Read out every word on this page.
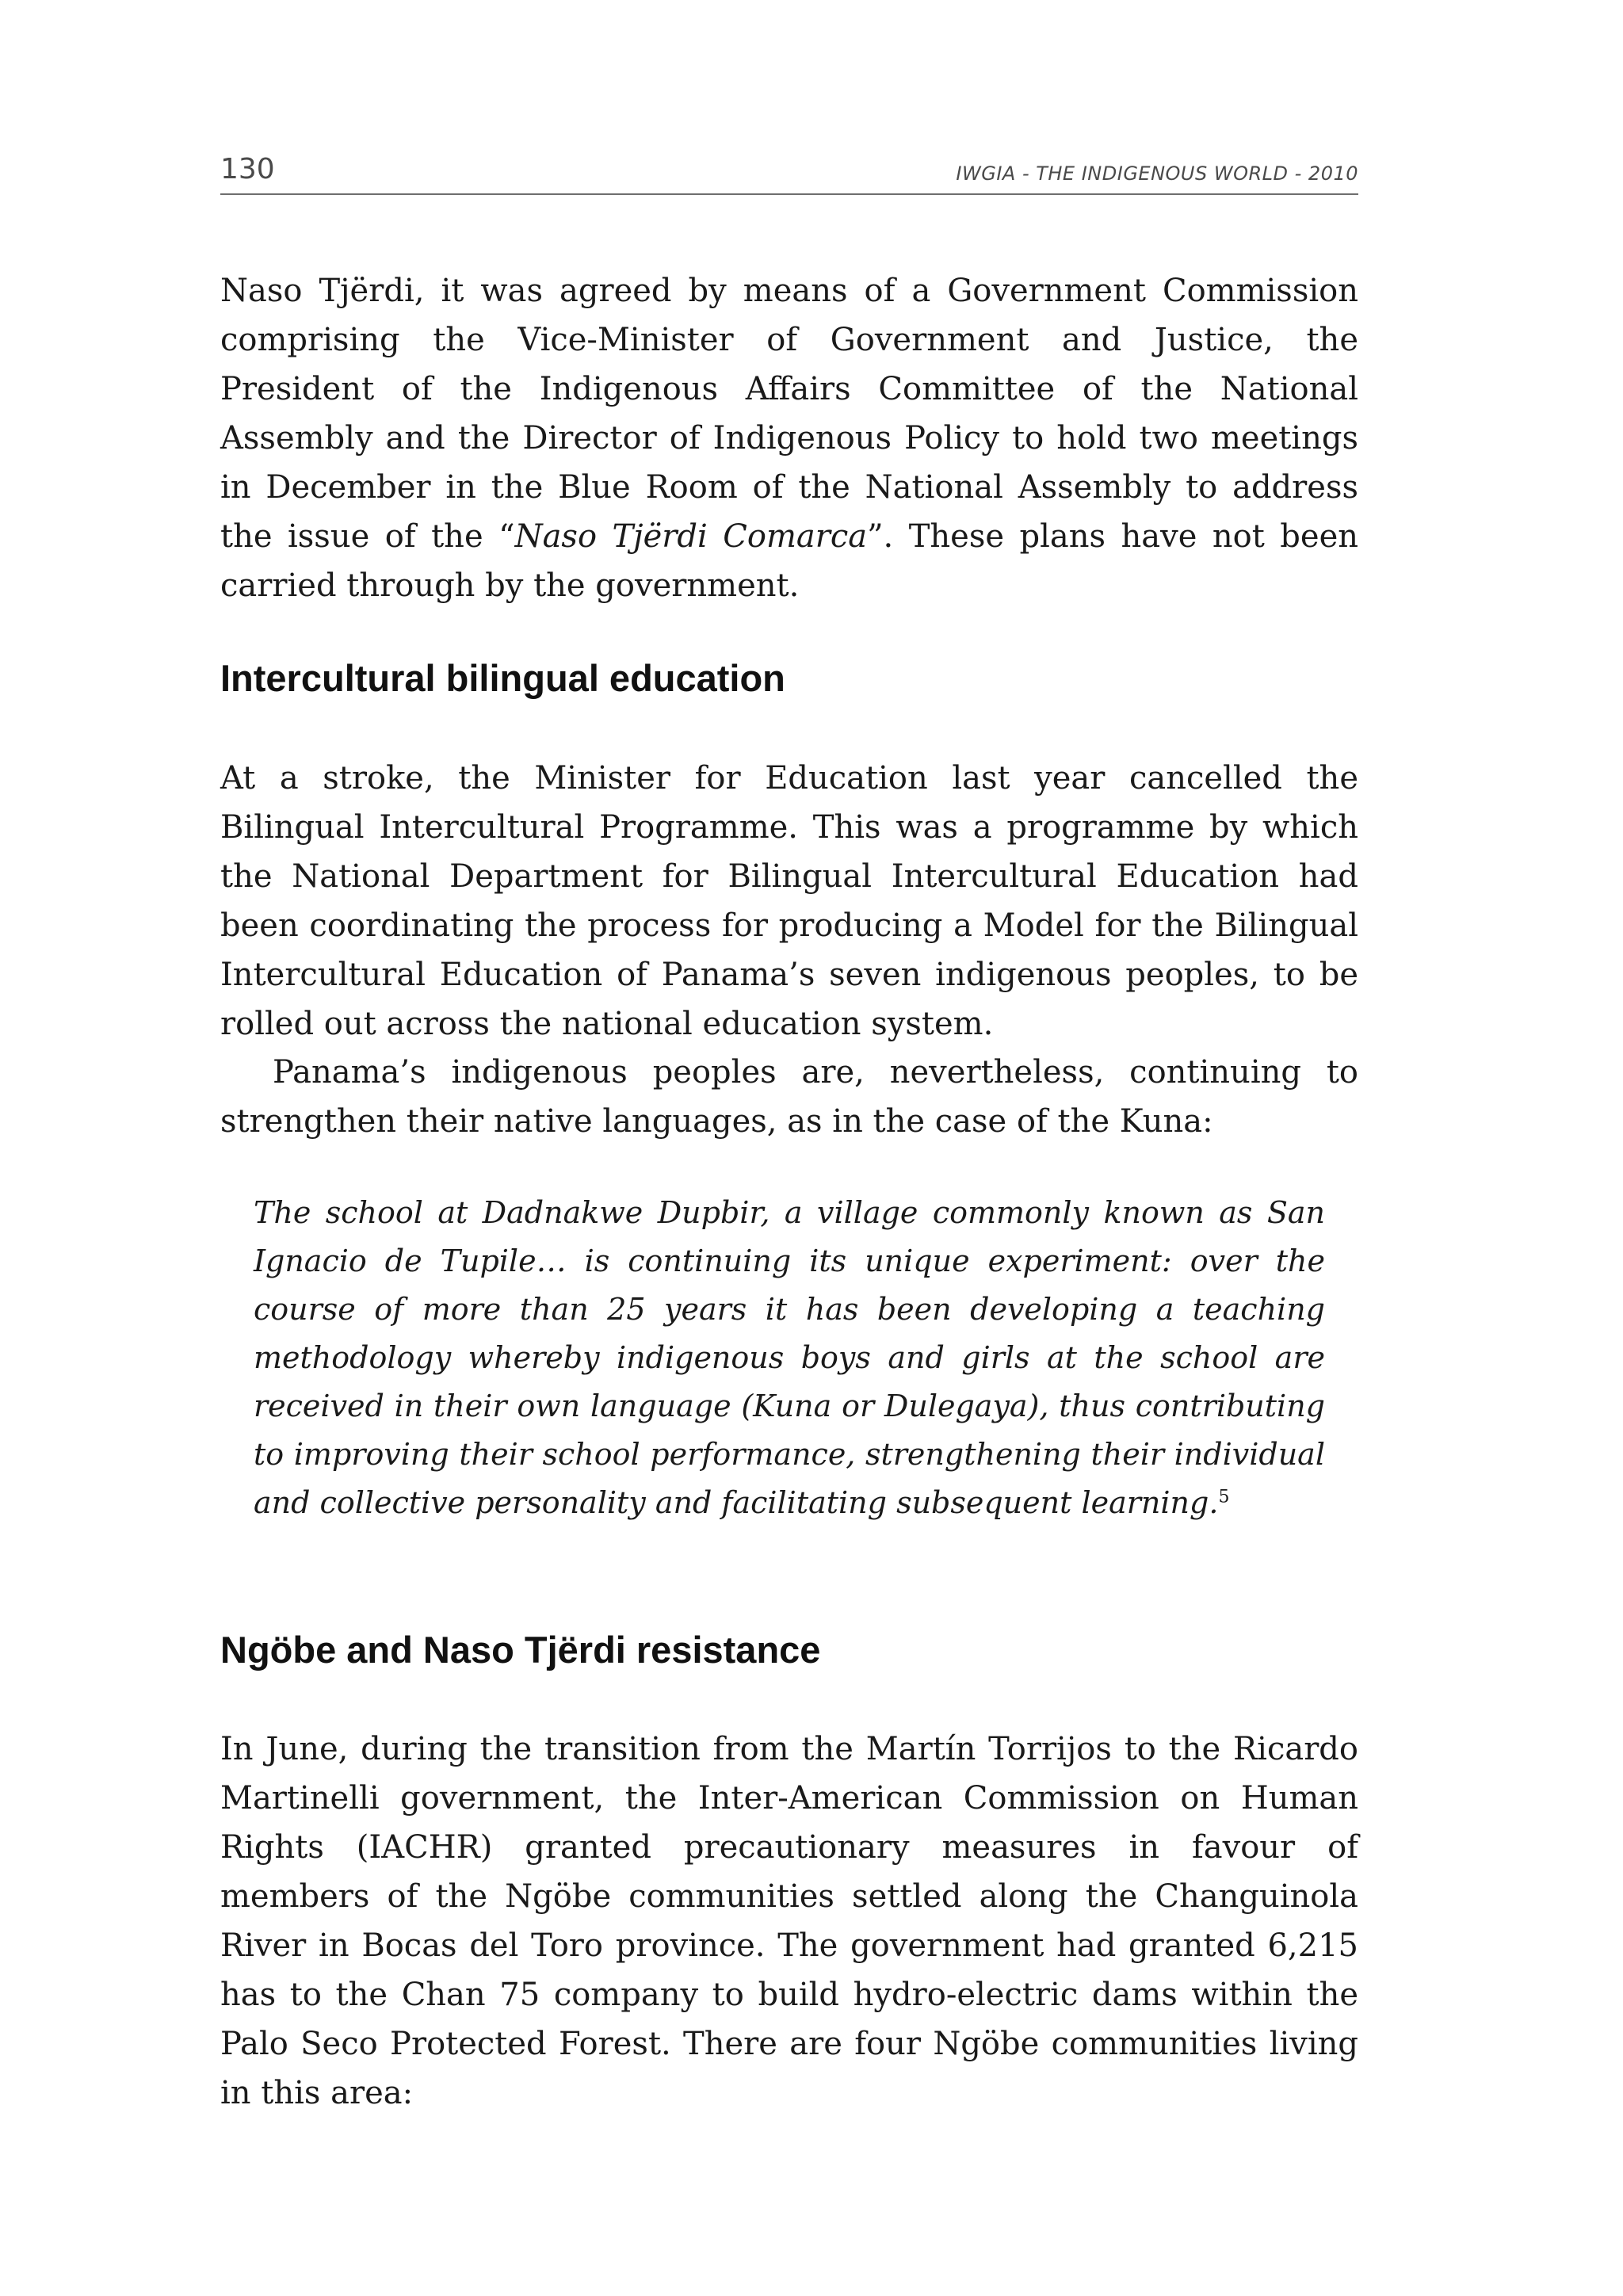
130	IWGIA - THE INDIGENOUS WORLD - 2010

Naso Tjërdi, it was agreed by means of a Government Commission comprising the Vice-Minister of Government and Justice, the President of the Indigenous Affairs Committee of the National Assembly and the Director of Indigenous Policy to hold two meetings in December in the Blue Room of the National Assembly to address the issue of the “Naso Tjërdi Comarca”. These plans have not been carried through by the government.

Intercultural bilingual education

At a stroke, the Minister for Education last year cancelled the Bilingual Intercultural Programme. This was a programme by which the National Department for Bilingual Intercultural Education had been coordinating the process for producing a Model for the Bilingual Intercultural Education of Panama’s seven indigenous peoples, to be rolled out across the national education system.

Panama’s indigenous peoples are, nevertheless, continuing to strengthen their native languages, as in the case of the Kuna:

The school at Dadnakwe Dupbir, a village commonly known as San Ignacio de Tupile… is continuing its unique experiment: over the course of more than 25 years it has been developing a teaching methodology whereby indigenous boys and girls at the school are received in their own language (Kuna or Dulegaya), thus contributing to improving their school performance, strengthening their individual and collective personality and facilitating subsequent learning.$^5$

Ngöbe and Naso Tjërdi resistance

In June, during the transition from the Martín Torrijos to the Ricardo Martinelli government, the Inter-American Commission on Human Rights (IACHR) granted precautionary measures in favour of members of the Ngöbe communities settled along the Changuinola River in Bocas del Toro province. The government had granted 6,215 has to the Chan 75 company to build hydro-electric dams within the Palo Seco Protected Forest. There are four Ngöbe communities living in this area:
